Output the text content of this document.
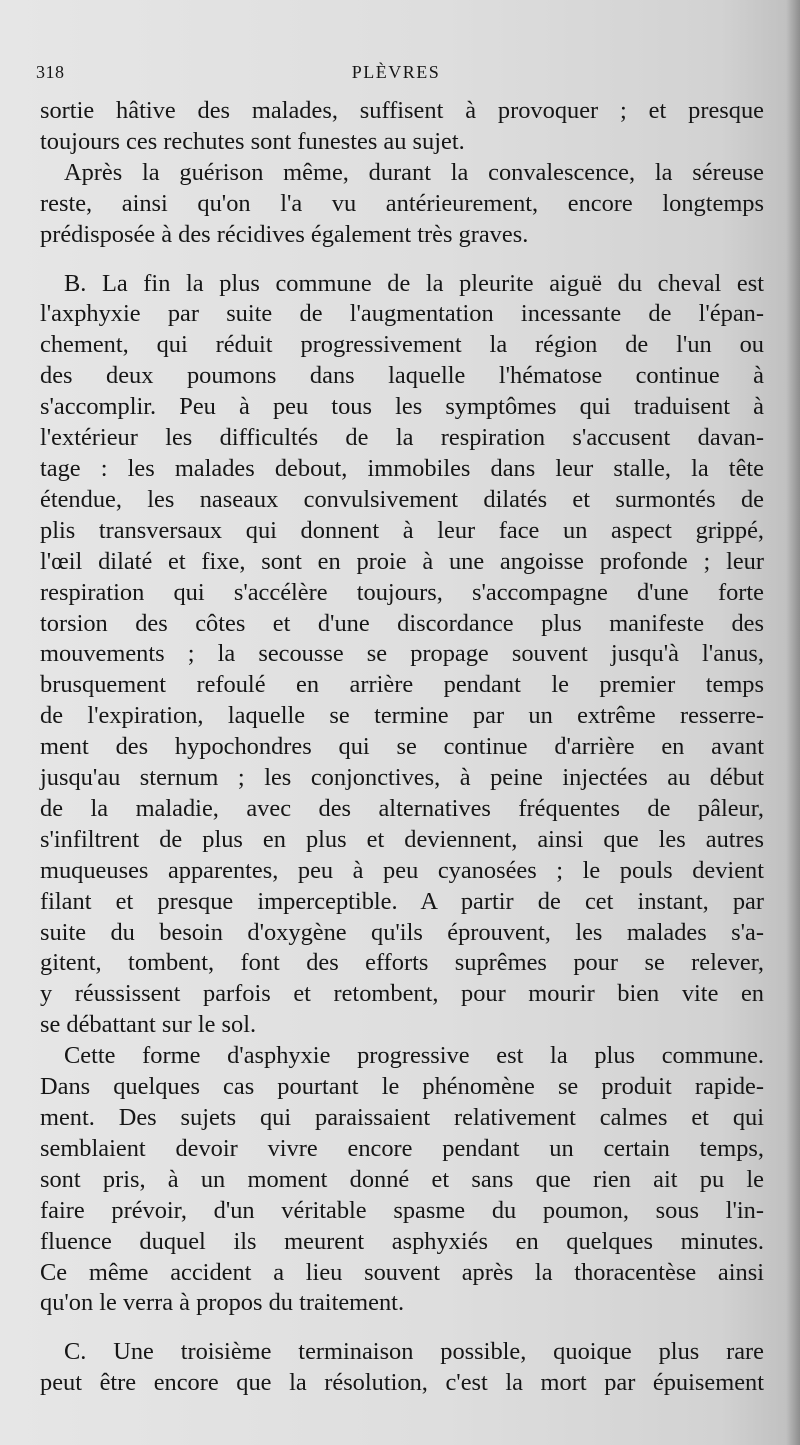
318	PLÈVRES
sortie hâtive des malades, suffisent à provoquer ; et presque
toujours ces rechutes sont funestes au sujet.
Après la guérison même, durant la convalescence, la séreuse
reste, ainsi qu'on l'a vu antérieurement, encore longtemps
prédisposée à des récidives également très graves.
B. La fin la plus commune de la pleurite aiguë du cheval est
l'axphyxie par suite de l'augmentation incessante de l'épan-
chement, qui réduit progressivement la région de l'un ou
des deux poumons dans laquelle l'hématose continue à
s'accomplir. Peu à peu tous les symptômes qui traduisent à
l'extérieur les difficultés de la respiration s'accusent davan-
tage : les malades debout, immobiles dans leur stalle, la tête
étendue, les naseaux convulsivement dilatés et surmontés de
plis transversaux qui donnent à leur face un aspect grippé,
l'œil dilaté et fixe, sont en proie à une angoisse profonde ; leur
respiration qui s'accélère toujours, s'accompagne d'une forte
torsion des côtes et d'une discordance plus manifeste des
mouvements ; la secousse se propage souvent jusqu'à l'anus,
brusquement refoulé en arrière pendant le premier temps
de l'expiration, laquelle se termine par un extrême resserre-
ment des hypochondres qui se continue d'arrière en avant
jusqu'au sternum ; les conjonctives, à peine injectées au début
de la maladie, avec des alternatives fréquentes de pâleur,
s'infiltrent de plus en plus et deviennent, ainsi que les autres
muqueuses apparentes, peu à peu cyanosées ; le pouls devient
filant et presque imperceptible. A partir de cet instant, par
suite du besoin d'oxygène qu'ils éprouvent, les malades s'a-
gitent, tombent, font des efforts suprêmes pour se relever,
y réussissent parfois et retombent, pour mourir bien vite en
se débattant sur le sol.
Cette forme d'asphyxie progressive est la plus commune.
Dans quelques cas pourtant le phénomène se produit rapide-
ment. Des sujets qui paraissaient relativement calmes et qui
semblaient devoir vivre encore pendant un certain temps,
sont pris, à un moment donné et sans que rien ait pu le
faire prévoir, d'un véritable spasme du poumon, sous l'in-
fluence duquel ils meurent asphyxiés en quelques minutes.
Ce même accident a lieu souvent après la thoracentèse ainsi
qu'on le verra à propos du traitement.
C. Une troisième terminaison possible, quoique plus rare
peut être encore que la résolution, c'est la mort par épuisement
